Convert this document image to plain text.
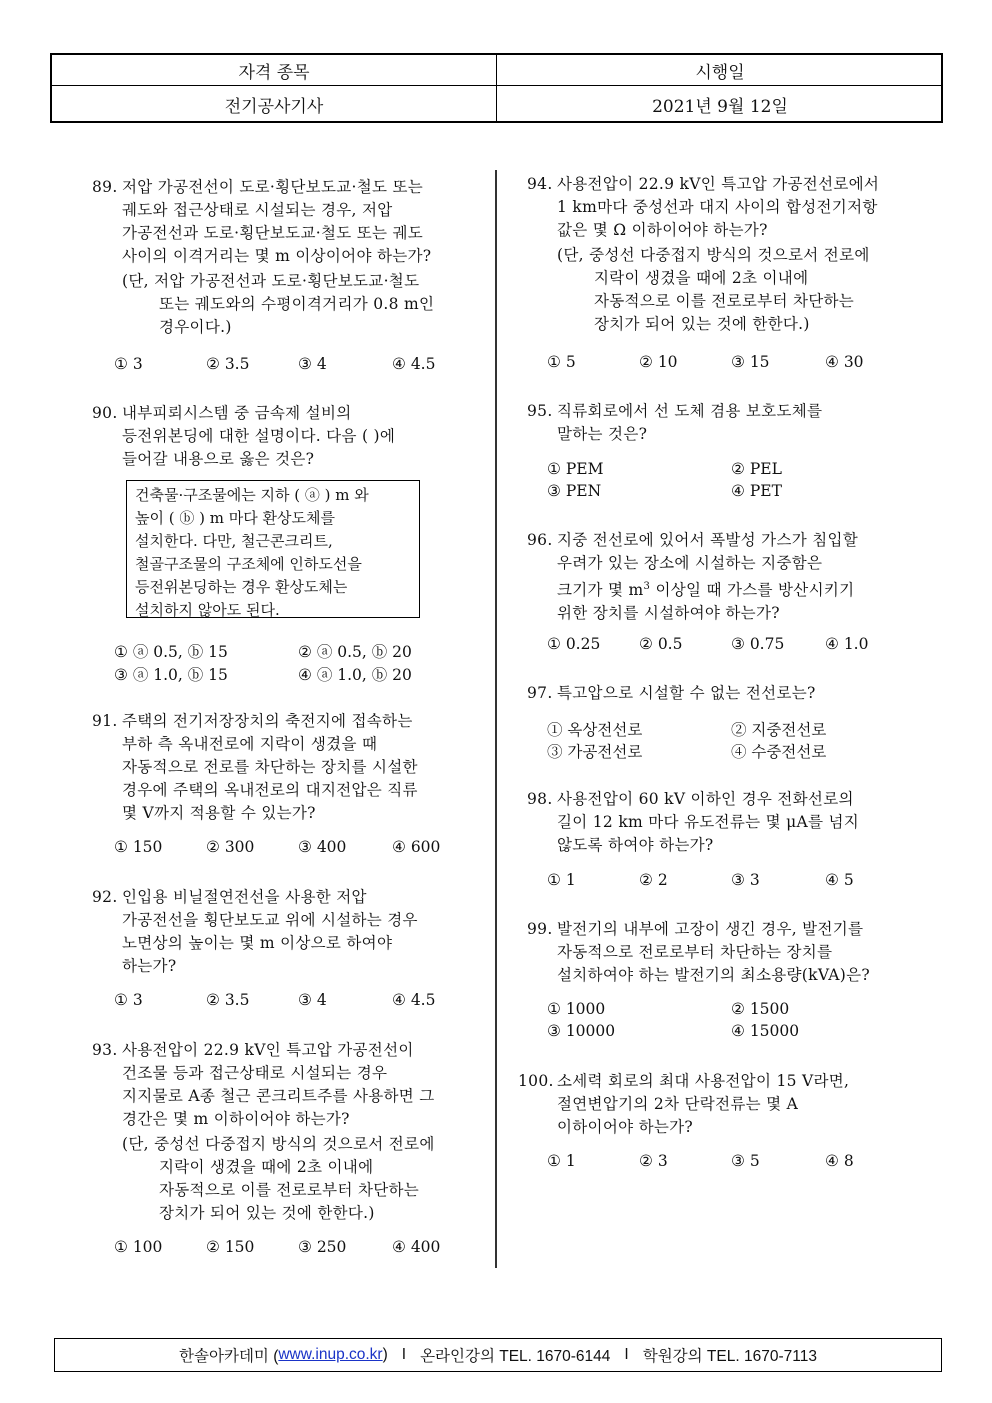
자격 종목	시행일
전기공사기사	2021년 9월 12일
89. 저압 가공전선이 도로·횡단보도교·철도 또는
궤도와 접근상태로 시설되는 경우, 저압
가공전선과 도로·횡단보도교·철도 또는 궤도
사이의 이격거리는 몇 m 이상이어야 하는가?
(단, 저압 가공전선과 도로·횡단보도교·철도
또는 궤도와의 수평이격거리가 0.8 m인
경우이다.)
① 3	② 3.5	③ 4	④ 4.5
90. 내부피뢰시스템 중 금속제 설비의
등전위본딩에 대한 설명이다. 다음 ( )에
들어갈 내용으로 옳은 것은?
건축물·구조물에는 지하 ( ⓐ ) m 와
높이 ( ⓑ ) m 마다 환상도체를
설치한다. 다만, 철근콘크리트,
철골구조물의 구조체에 인하도선을
등전위본딩하는 경우 환상도체는
설치하지 않아도 된다.
① ⓐ 0.5, ⓑ 15	② ⓐ 0.5, ⓑ 20
③ ⓐ 1.0, ⓑ 15	④ ⓐ 1.0, ⓑ 20
91. 주택의 전기저장장치의 축전지에 접속하는
부하 측 옥내전로에 지락이 생겼을 때
자동적으로 전로를 차단하는 장치를 시설한
경우에 주택의 옥내전로의 대지전압은 직류
몇 V까지 적용할 수 있는가?
① 150	② 300	③ 400	④ 600
92. 인입용 비닐절연전선을 사용한 저압
가공전선을 횡단보도교 위에 시설하는 경우
노면상의 높이는 몇 m 이상으로 하여야
하는가?
① 3	② 3.5	③ 4	④ 4.5
93. 사용전압이 22.9 kV인 특고압 가공전선이
건조물 등과 접근상태로 시설되는 경우
지지물로 A종 철근 콘크리트주를 사용하면 그
경간은 몇 m 이하이어야 하는가?
(단, 중성선 다중접지 방식의 것으로서 전로에
지락이 생겼을 때에 2초 이내에
자동적으로 이를 전로로부터 차단하는
장치가 되어 있는 것에 한한다.)
① 100	② 150	③ 250	④ 400
94. 사용전압이 22.9 kV인 특고압 가공전선로에서
1 km마다 중성선과 대지 사이의 합성전기저항
값은 몇 Ω 이하이어야 하는가?
(단, 중성선 다중접지 방식의 것으로서 전로에
지락이 생겼을 때에 2초 이내에
자동적으로 이를 전로로부터 차단하는
장치가 되어 있는 것에 한한다.)
① 5	② 10	③ 15	④ 30
95. 직류회로에서 선 도체 겸용 보호도체를
말하는 것은?
① PEM	② PEL
③ PEN	④ PET
96. 지중 전선로에 있어서 폭발성 가스가 침입할
우려가 있는 장소에 시설하는 지중함은
크기가 몇 $m^3$ 이상일 때 가스를 방산시키기
위한 장치를 시설하여야 하는가?
① 0.25 ② 0.5	③ 0.75	④ 1.0
97. 특고압으로 시설할 수 없는 전선로는?
① 옥상전선로	② 지중전선로
③ 가공전선로	④ 수중전선로
98. 사용전압이 60 kV 이하인 경우 전화선로의
길이 12 km 마다 유도전류는 몇 μA를 넘지
않도록 하여야 하는가?
① 1	② 2	③ 3	④ 5
99. 발전기의 내부에 고장이 생긴 경우, 발전기를
자동적으로 전로로부터 차단하는 장치를
설치하여야 하는 발전기의 최소용량(kVA)은?
① 1000	② 1500
③ 10000	④ 15000
100. 소세력 회로의 최대 사용전압이 15 V라면,
절연변압기의 2차 단락전류는 몇 A
이하이어야 하는가?
① 1	② 3	③ 5	④ 8
한솔아카데미 ( www.inup.co.kr ) I 온라인강의 TEL. 1670-6144 I 학원강의 TEL. 1670-7113
